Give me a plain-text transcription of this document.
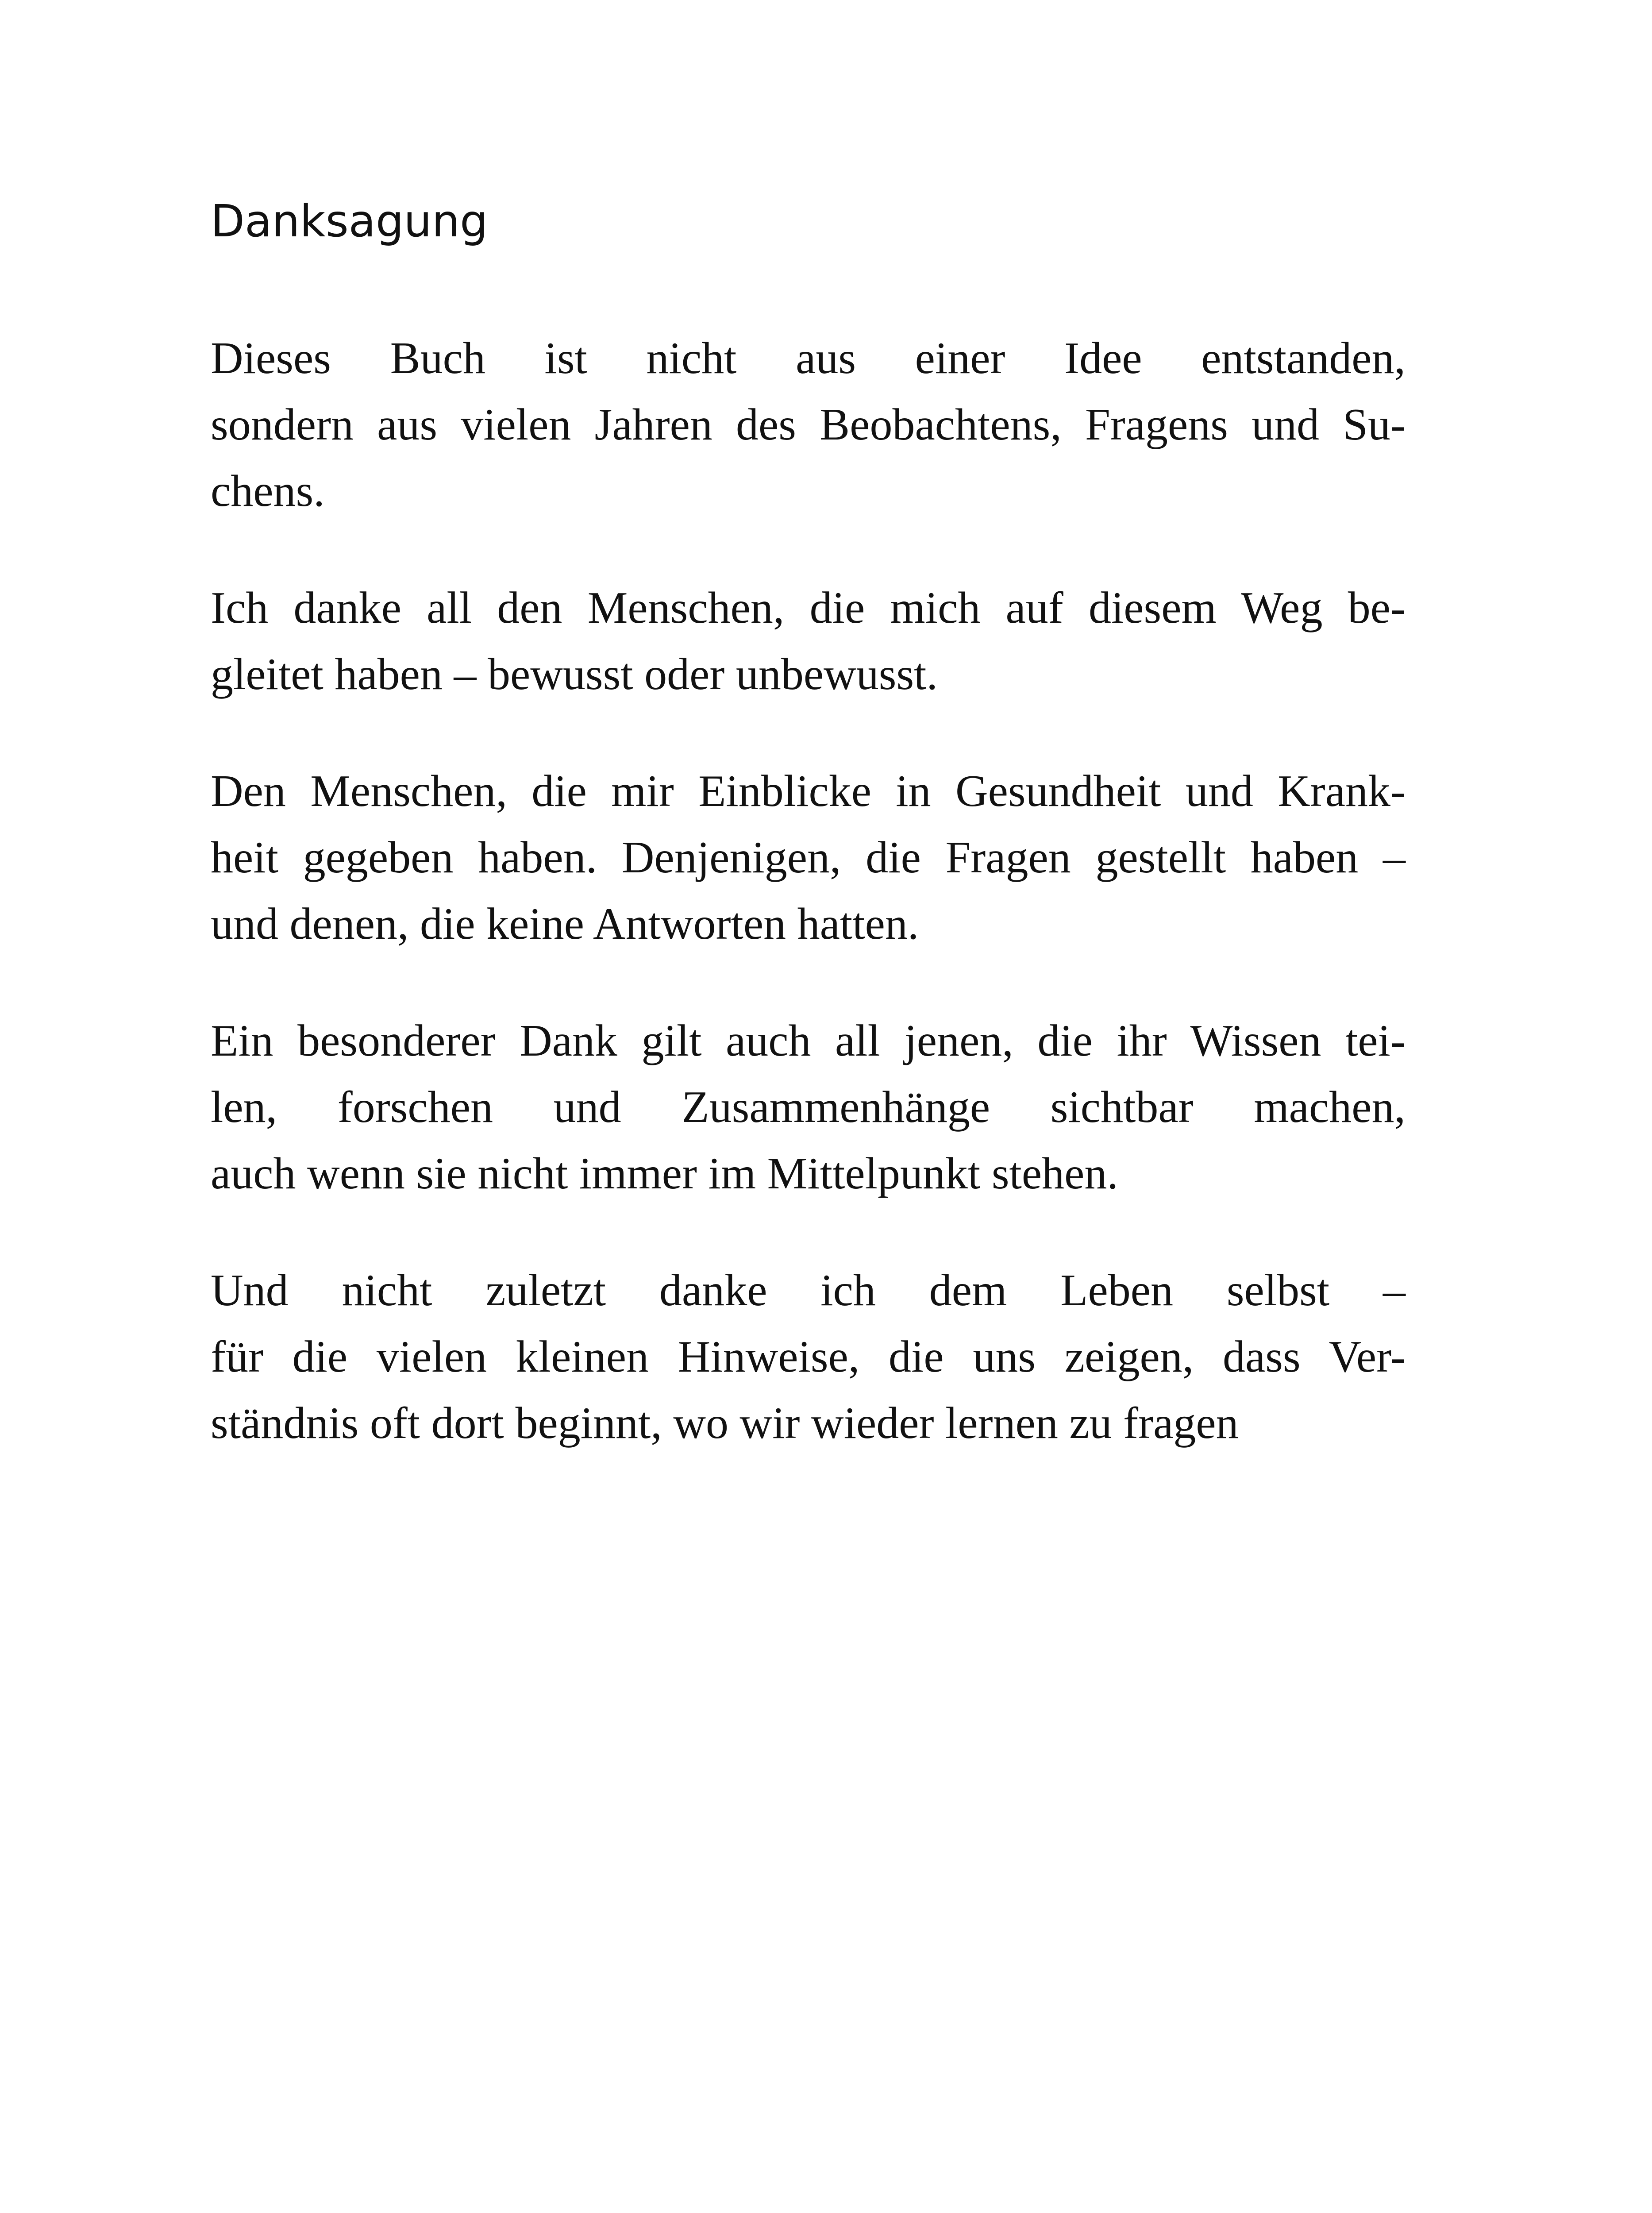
Danksagung

Dieses Buch ist nicht aus einer Idee entstanden,
sondern aus vielen Jahren des Beobachtens, Fragens und Su-
chens.

Ich danke all den Menschen, die mich auf diesem Weg be-
gleitet haben – bewusst oder unbewusst.

Den Menschen, die mir Einblicke in Gesundheit und Krank-
heit gegeben haben. Denjenigen, die Fragen gestellt haben –
und denen, die keine Antworten hatten.

Ein besonderer Dank gilt auch all jenen, die ihr Wissen tei-
len, forschen und Zusammenhänge sichtbar machen,
auch wenn sie nicht immer im Mittelpunkt stehen.

Und nicht zuletzt danke ich dem Leben selbst –
für die vielen kleinen Hinweise, die uns zeigen, dass Ver-
ständnis oft dort beginnt, wo wir wieder lernen zu fragen
